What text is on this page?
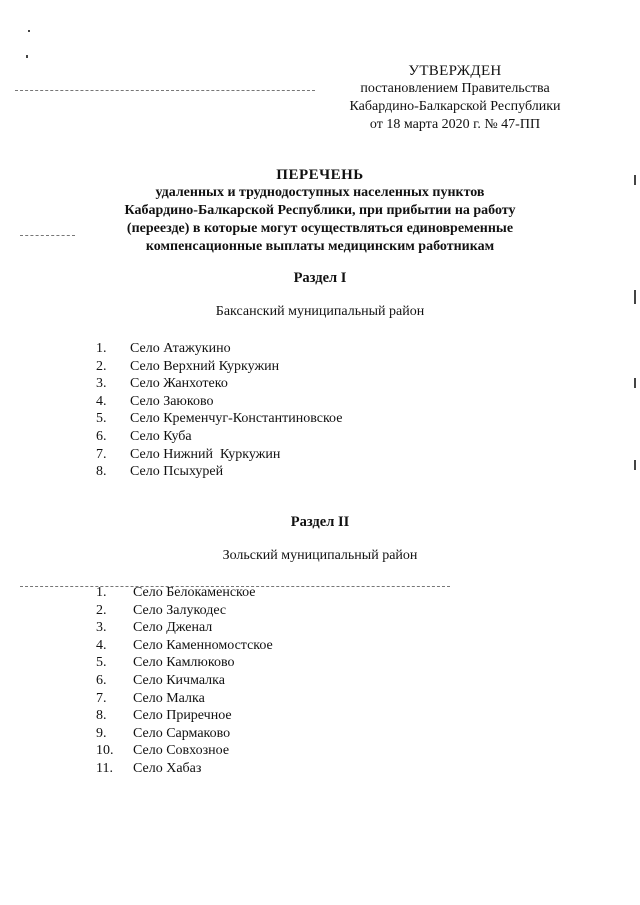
УТВЕРЖДЕН
постановлением Правительства
Кабардино-Балкарской Республики
от 18 марта 2020 г. № 47-ПП
ПЕРЕЧЕНЬ
удаленных и труднодоступных населенных пунктов
Кабардино-Балкарской Республики, при прибытии на работу
(переезде) в которые могут осуществляться единовременные
компенсационные выплаты медицинским работникам
Раздел I
Баксанский муниципальный район
1.	Село Атажукино
2.	Село Верхний Куркужин
3.	Село Жанхотеко
4.	Село Заюково
5.	Село Кременчуг-Константиновское
6.	Село Куба
7.	Село Нижний  Куркужин
8.	Село Псыхурей
Раздел II
Зольский муниципальный район
1.	Село Белокаменское
2.	Село Залукодес
3.	Село Дженал
4.	Село Каменномостское
5.	Село Камлюково
6.	Село Кичмалка
7.	Село Малка
8.	Село Приречное
9.	Село Сармаково
10.	Село Совхозное
11.	Село Хабаз
